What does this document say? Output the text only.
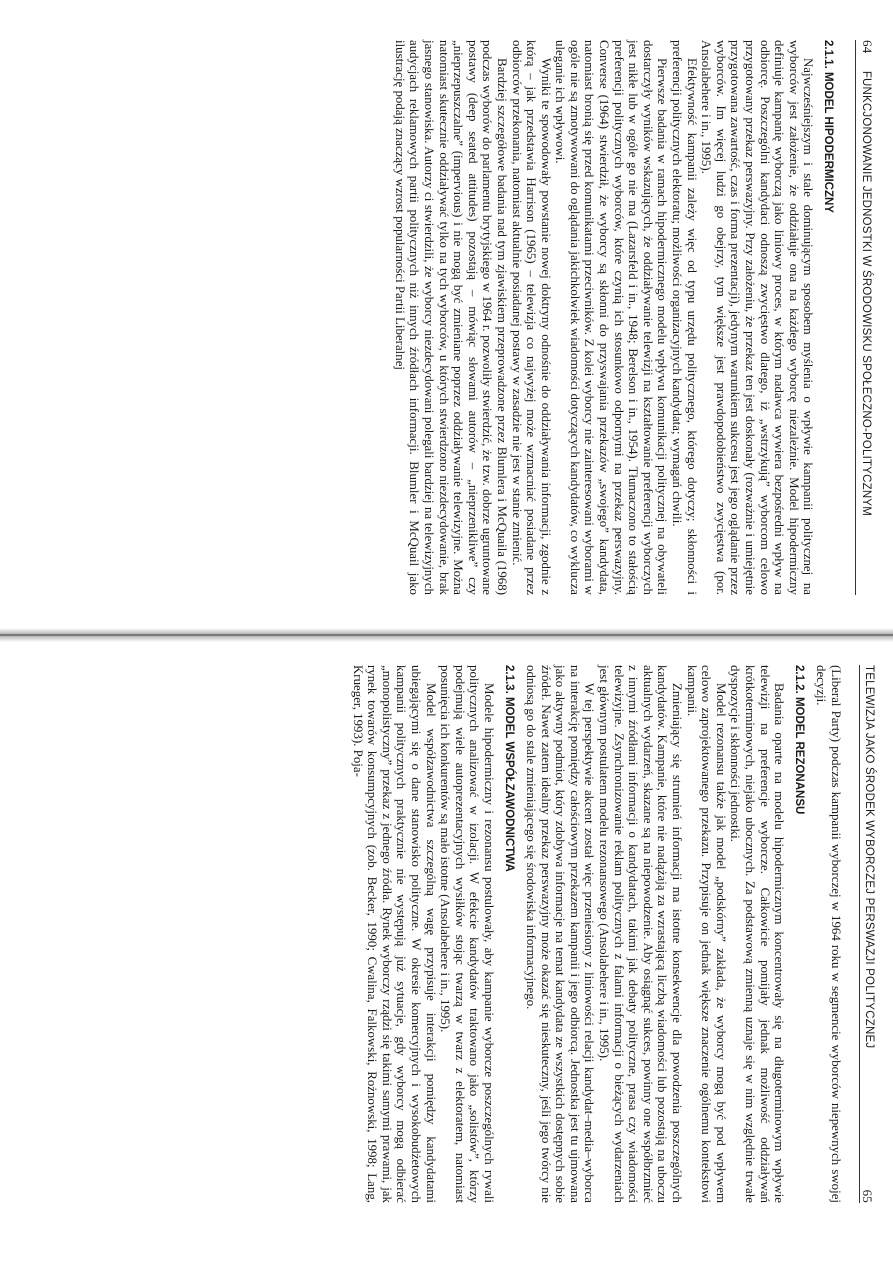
64 FUNKCJONOWANIE JEDNOSTKI W ŚRODOWISKU SPOŁECZNO-POLITYCZNYM
2.1.1. MODEL HIPODERMICZNY

Najwcześniejszym i stale dominującym sposobem myślenia o wpływie kampanii politycznej na wyborców jest założenie, że oddziałuje ona na każdego wyborcę niezależnie. Model hipodermiczny definiuje kampanię wyborczą jako liniowy proces, w którym nadawca wywiera bezpośredni wpływ na odbiorcę. Poszczególni kandydaci odnoszą zwycięstwo dlatego, iż „wstrzykują” wyborcom celowo przygotowany przekaz perswazyjny. Przy założeniu, że przekaz ten jest doskonały (rozważnie i umiejętnie przygotowana zawartość, czas i forma prezentacji), jedynym warunkiem sukcesu jest jego oglądanie przez wyborców. Im więcej ludzi go obejrzy, tym większe jest prawdopodobieństwo zwycięstwa (por. Ansolabehere i in., 1995).

Efektywność kampanii zależy więc od typu urzędu politycznego, którego dotyczy; skłonności i preferencji politycznych elektoratu; możliwości organizacyjnych kandydata; wymagań chwili.

Pierwsze badania w ramach hipodermicznego modelu wpływu komunikacji politycznej na obywateli dostarczyły wyników wskazujących, że oddziaływanie telewizji na kształtowanie preferencji wyborczych jest nikłe lub w ogóle go nie ma (Lazarsfeld i in., 1948; Berelson i in., 1954). Tłumaczono to stałością preferencji politycznych wyborców, które czynią ich stosunkowo odpornymi na przekaz perswazyjny. Converse (1964) stwierdził, że wyborcy są skłonni do przyswajania przekazów „swojego” kandydata, natomiast bronią się przed komunikatami przeciwników. Z kolei wyborcy nie zainteresowani wyborami w ogóle nie są zmotywowani do oglądania jakichkolwiek wiadomości dotyczących kandydatów, co wyklucza uleganie ich wpływowi.

Wyniki te spowodowały powstanie nowej doktryny odnośnie do oddziaływania informacji, zgodnie z którą – jak przedstawia Harrison (1965) – telewizja co najwyżej może wzmacniać posiadane przez odbiorców przekonania, natomiast aktualnie posiadanej postawy w zasadzie nie jest w stanie zmienić.

Bardziej szczegółowe badania nad tym zjawiskiem przeprowadzone przez Blumlera i McQuaila (1968) podczas wyborów do parlamentu brytyjskiego w 1964 r. pozwoliły stwierdzić, że tzw. dobrze ugruntowane postawy (deep seated attitudes) pozostają – mówiąc słowami autorów – „nieprzenikliwe” czy „nieprzepuszczalne” (impervious) i nie mogą być zmieniane poprzez oddziaływanie telewizyjne. Można natomiast skutecznie oddziaływać tylko na tych wyborców, u których stwierdzono niezdecydowanie, brak jasnego stanowiska. Autorzy ci stwierdzili, że wyborcy niezdecydowani polegali bardziej na telewizyjnych audycjach reklamowych partii politycznych niż innych źródłach informacji. Blumler i McQuail jako ilustrację podają znaczący wzrost popularności Partii Liberalnej

TELEWIZJA JAKO ŚRODEK WYBORCZEJ PERSWAZJI POLITYCZNEJ
65

(Liberal Party) podczas kampanii wyborczej w 1964 roku w segmencie wyborców niepewnych swojej decyzji.

2.1.2. MODEL REZONANSU

Badania oparte na modelu hipodermicznym koncentrowały się na długoterminowym wpływie telewizji na preferencje wyborcze. Całkowicie pomijały jednak możliwość oddziaływań krótkoterminowych, niejako ubocznych. Za podstawową zmienną uznaje się w nim względnie trwałe dyspozycje i skłonności jednostki.

Model rezonansu także jak model „podskórny” zakłada, że wyborcy mogą być pod wpływem celowo zaprojektowanego przekazu. Przypisuje on jednak większe znaczenie ogólnemu kontekstowi kampanii.

Zmieniający się strumień informacji ma istotne konsekwencje dla powodzenia poszczególnych kandydatów. Kampanie, które nie nadążają za wzrastającą liczbą wiadomości lub pozostają na uboczu aktualnych wydarzeń, skazane są na niepowodzenie. Aby osiągnąć sukces, powinny one współbrzmieć z innymi źródłami informacji o kandydatach, takimi jak debaty polityczne, prasa czy wiadomości telewizyjne. Zsynchronizowanie reklam politycznych z falami informacji o bieżących wydarzeniach jest głównym postulatem modelu rezonansowego (Ansolabehere i in., 1995).

W tej perspektywie akcent został więc przeniesiony z liniowości relacji kandydat–media–wyborca na interakcję pomiędzy całościowym przekazem kampanii i jego odbiorcą. Jednostka jest tu ujmowana jako aktywny podmiot, który zdobywa informacje na temat kandydata ze wszystkich dostępnych sobie źródeł. Nawet zatem idealny przekaz perswazyjny może okazać się nieskuteczny, jeśli jego twórcy nie odniosą go do stale zmieniającego się środowiska informacyjnego.

2.1.3. MODEL WSPÓŁZAWODNICTWA

Modele hipodermiczny i rezonansu postulowały, aby kampanie wyborcze poszczególnych rywali politycznych analizować w izolacji. W efekcie kandydatów traktowano jako „solistów”, którzy podejmują wiele autoprezentacyjnych wysiłków stojąc twarzą w twarz z elektoratem, natomiast posunięcia ich konkurentów są mało istotne (Ansolabehere i in., 1995).

Model współzawodnictwa szczególną wagę przypisuje interakcji pomiędzy kandydatami ubiegającymi się o dane stanowisko polityczne. W okresie komercyjnych i wysokobudżetowych kampanii politycznych praktycznie nie występują już sytuacje, gdy wyborcy mogą odbierać „monopolistyczny” przekaz z jednego źródła. Rynek wyborczy rządzi się takimi samymi prawami, jak rynek towarów konsumpcyjnych (zob. Becker, 1990; Cwalina, Falkowski, Rożnowski, 1998; Lang, Krueger, 1993). Poja-
